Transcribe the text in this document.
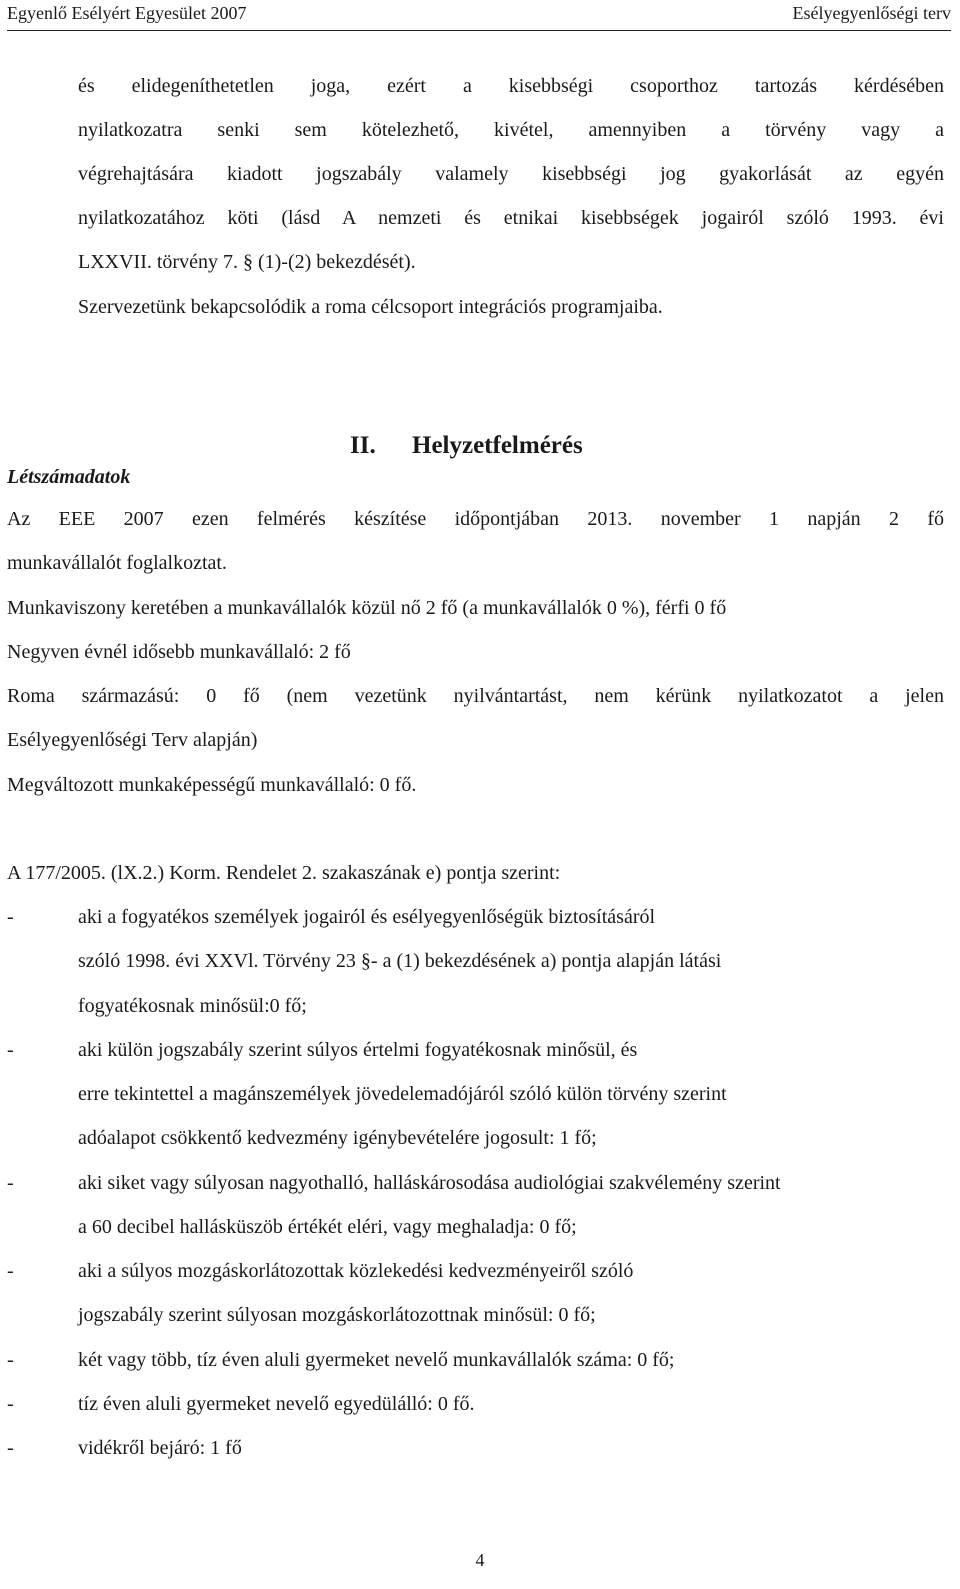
Egyenlő Esélyért Egyesület 2007	Esélyegyenlőségi terv
és elidegeníthetetlen joga, ezért a kisebbségi csoporthoz tartozás kérdésében
nyilatkozatra senki sem kötelezhető, kivétel, amennyiben a törvény vagy a
végrehajtására kiadott jogszabály valamely kisebbségi jog gyakorlását az egyén
nyilatkozatához köti (lásd A nemzeti és etnikai kisebbségek jogairól szóló 1993. évi
LXXVII. törvény 7. § (1)-(2) bekezdését).
Szervezetünk bekapcsolódik a roma célcsoport integrációs programjaiba.
II. Helyzetfelmérés
Létszámadatok
Az EEE 2007 ezen felmérés készítése időpontjában 2013. november 1 napján 2 fő
munkavállalót foglalkoztat.
Munkaviszony keretében a munkavállalók közül nő 2 fő (a munkavállalók 0 %), férfi 0 fő
Negyven évnél idősebb munkavállaló: 2 fő
Roma származású: 0 fő (nem vezetünk nyilvántartást, nem kérünk nyilatkozatot a jelen
Esélyegyenlőségi Terv alapján)
Megváltozott munkaképességű munkavállaló: 0 fő.
A 177/2005. (lX.2.) Korm. Rendelet 2. szakaszának e) pontja szerint:
-	aki a fogyatékos személyek jogairól és esélyegyenlőségük biztosításáról
szóló 1998. évi XXVl. Törvény 23 §- a (1) bekezdésének a) pontja alapján látási
fogyatékosnak minősül:0 fő;
-	aki külön jogszabály szerint súlyos értelmi fogyatékosnak minősül, és
erre tekintettel a magánszemélyek jövedelemadójáról szóló külön törvény szerint
adóalapot csökkentő kedvezmény igénybevételére jogosult: 1 fő;
-	aki siket vagy súlyosan nagyothalló, halláskárosodása audiológiai szakvélemény szerint
a 60 decibel hallásküszöb értékét eléri, vagy meghaladja: 0 fő;
-	aki a súlyos mozgáskorlátozottak közlekedési kedvezményeiről szóló
jogszabály szerint súlyosan mozgáskorlátozottnak minősül: 0 fő;
-	két vagy több, tíz éven aluli gyermeket nevelő munkavállalók száma: 0 fő;
-	tíz éven aluli gyermeket nevelő egyedülálló: 0 fő.
-	vidékről bejáró: 1 fő
4
